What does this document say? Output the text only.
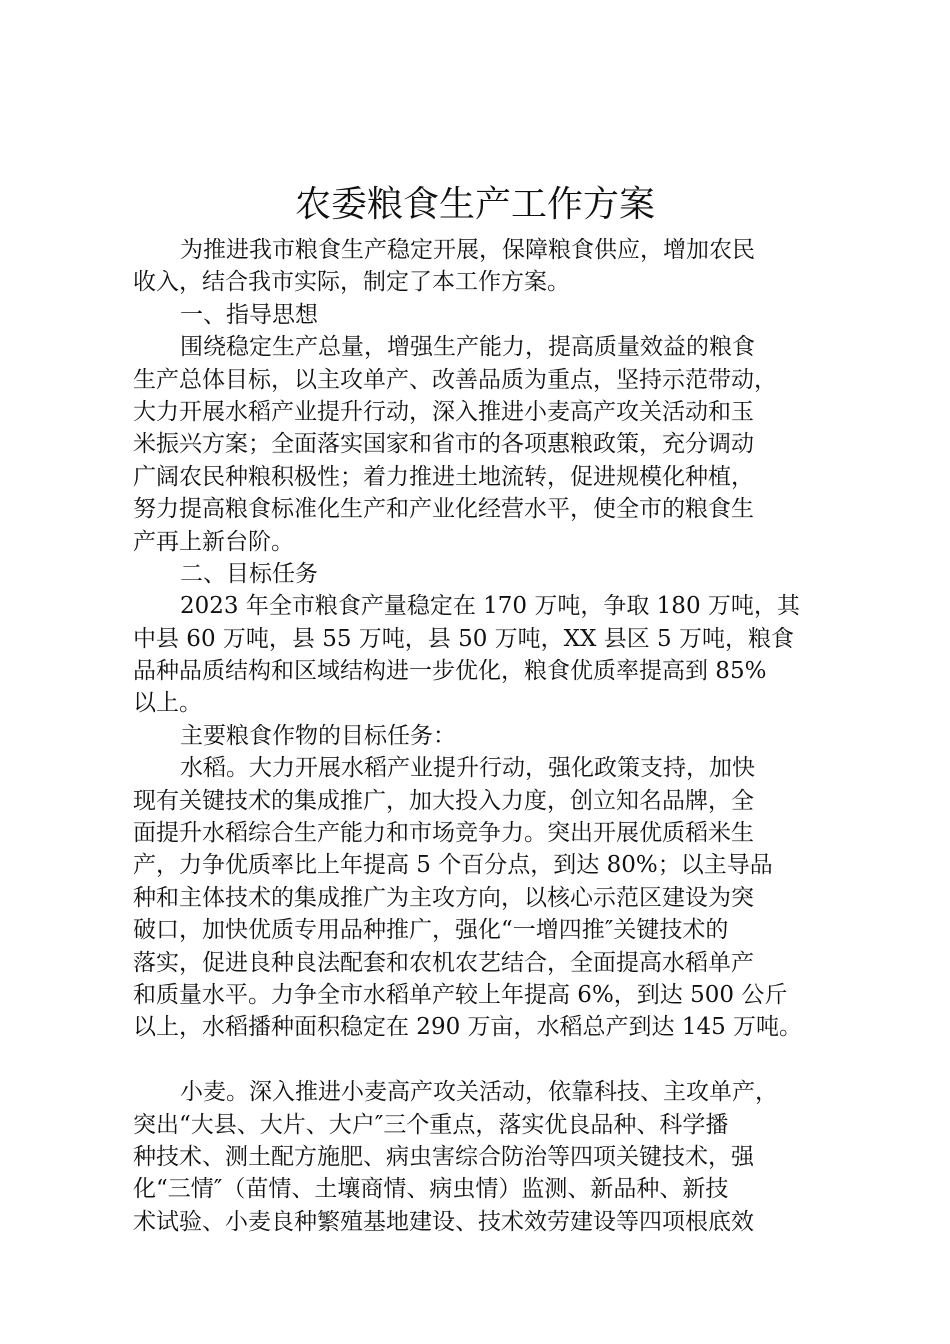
农委粮食生产工作方案
为推进我市粮食生产稳定开展，保障粮食供应，增加农民
收入，结合我市实际，制定了本工作方案。
一、指导思想
围绕稳定生产总量，增强生产能力，提高质量效益的粮食
生产总体目标，以主攻单产、改善品质为重点，坚持示范带动，
大力开展水稻产业提升行动，深入推进小麦高产攻关活动和玉
米振兴方案；全面落实国家和省市的各项惠粮政策，充分调动
广阔农民种粮积极性；着力推进土地流转，促进规模化种植，
努力提高粮食标准化生产和产业化经营水平，使全市的粮食生
产再上新台阶。
二、目标任务
2023 年全市粮食产量稳定在 170 万吨，争取 180 万吨，其
中县 60 万吨，县 55 万吨，县 50 万吨，XX 县区 5 万吨，粮食
品种品质结构和区域结构进一步优化，粮食优质率提高到 85%
以上。
主要粮食作物的目标任务：
水稻。大力开展水稻产业提升行动，强化政策支持，加快
现有关键技术的集成推广，加大投入力度，创立知名品牌，全
面提升水稻综合生产能力和市场竞争力。突出开展优质稻米生
产，力争优质率比上年提高 5 个百分点，到达 80%；以主导品
种和主体技术的集成推广为主攻方向，以核心示范区建设为突
破口，加快优质专用品种推广，强化“一增四推″关键技术的
落实，促进良种良法配套和农机农艺结合，全面提高水稻单产
和质量水平。力争全市水稻单产较上年提高 6%，到达 500 公斤
以上，水稻播种面积稳定在 290 万亩，水稻总产到达 145 万吨。
小麦。深入推进小麦高产攻关活动，依靠科技、主攻单产，
突出“大县、大片、大户″三个重点，落实优良品种、科学播
种技术、测土配方施肥、病虫害综合防治等四项关键技术，强
化“三情″（苗情、土壤商情、病虫情）监测、新品种、新技
术试验、小麦良种繁殖基地建设、技术效劳建设等四项根底效
